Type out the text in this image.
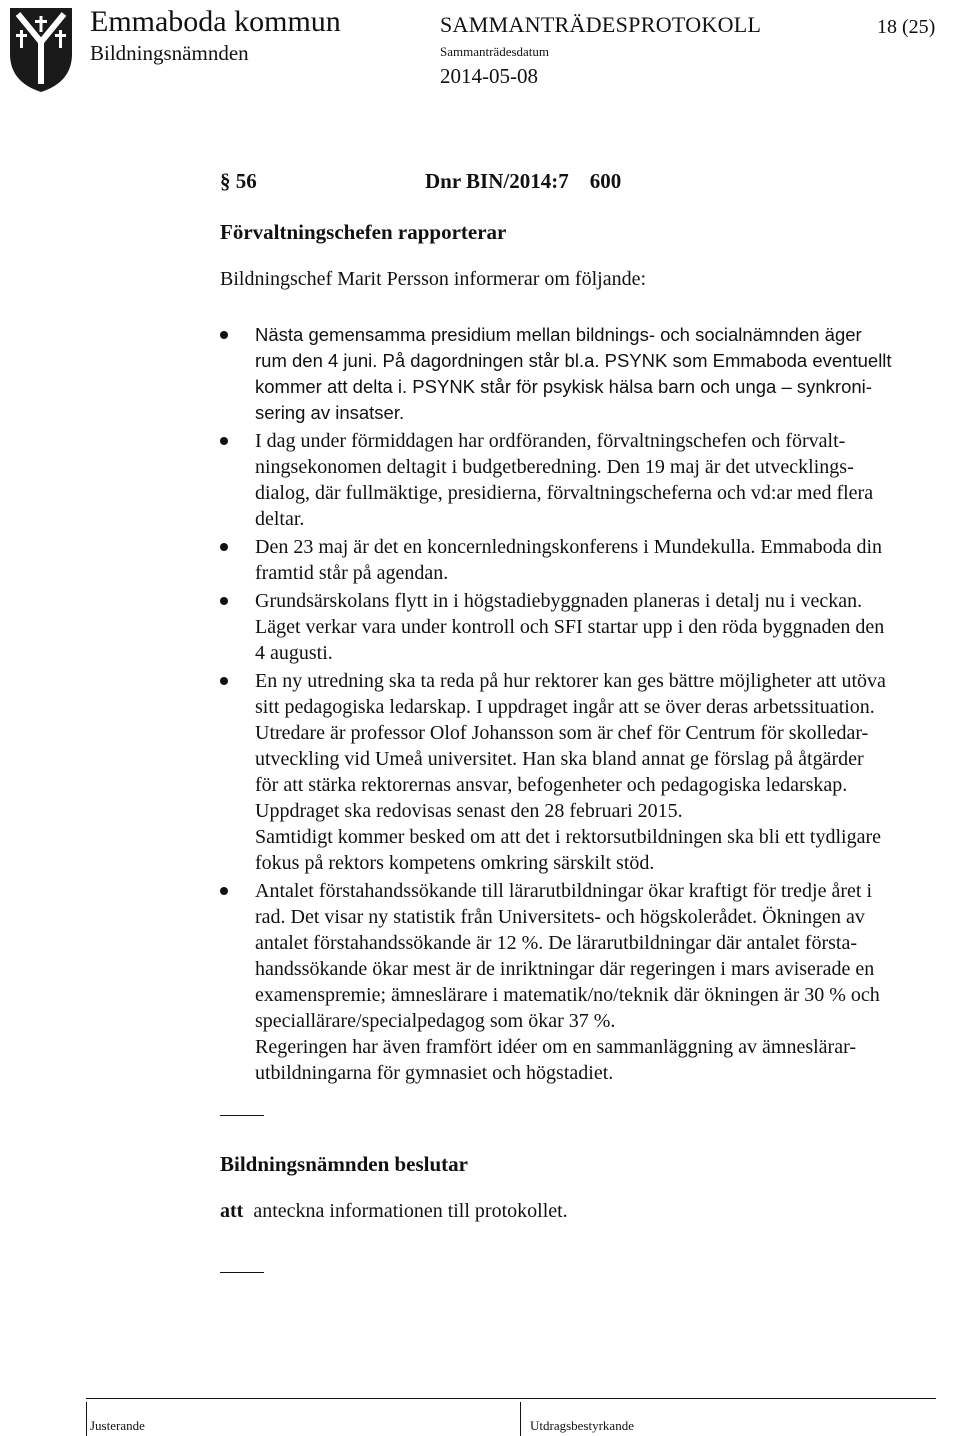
Emmaboda kommun
Bildningsnämnden
SAMMANTRÄDESPROTOKOLL	18 (25)
Sammanträdesdatum
2014-05-08
§ 56	Dnr BIN/2014:7    600
Förvaltningschefen rapporterar
Bildningschef Marit Persson informerar om följande:
Nästa gemensamma presidium mellan bildnings- och socialnämnden äger
rum den 4 juni. På dagordningen står bl.a. PSYNK som Emmaboda eventuellt
kommer att delta i. PSYNK står för psykisk hälsa barn och unga – synkroni-
sering av insatser.
I dag under förmiddagen har ordföranden, förvaltningschefen och förvalt-
ningsekonomen deltagit i budgetberedning. Den 19 maj är det utvecklings-
dialog, där fullmäktige, presidierna, förvaltningscheferna och vd:ar med flera
deltar.
Den 23 maj är det en koncernledningskonferens i Mundekulla. Emmaboda din
framtid står på agendan.
Grundsärskolans flytt in i högstadiebyggnaden planeras i detalj nu i veckan.
Läget verkar vara under kontroll och SFI startar upp i den röda byggnaden den
4 augusti.
En ny utredning ska ta reda på hur rektorer kan ges bättre möjligheter att utöva
sitt pedagogiska ledarskap. I uppdraget ingår att se över deras arbetssituation.
Utredare är professor Olof Johansson som är chef för Centrum för skolledar-
utveckling vid Umeå universitet. Han ska bland annat ge förslag på åtgärder
för att stärka rektorernas ansvar, befogenheter och pedagogiska ledarskap.
Uppdraget ska redovisas senast den 28 februari 2015.
Samtidigt kommer besked om att det i rektorsutbildningen ska bli ett tydligare
fokus på rektors kompetens omkring särskilt stöd.
Antalet förstahandssökande till lärarutbildningar ökar kraftigt för tredje året i
rad. Det visar ny statistik från Universitets- och högskolerådet. Ökningen av
antalet förstahandssökande är 12 %. De lärarutbildningar där antalet första-
handssökande ökar mest är de inriktningar där regeringen i mars aviserade en
examenspremie; ämneslärare i matematik/no/teknik där ökningen är 30 % och
speciallärare/specialpedagog som ökar 37 %.
Regeringen har även framfört idéer om en sammanläggning av ämneslärar-
utbildningarna för gymnasiet och högstadiet.
Bildningsnämnden beslutar
att anteckna informationen till protokollet.
Justerande	Utdragsbestyrkande
